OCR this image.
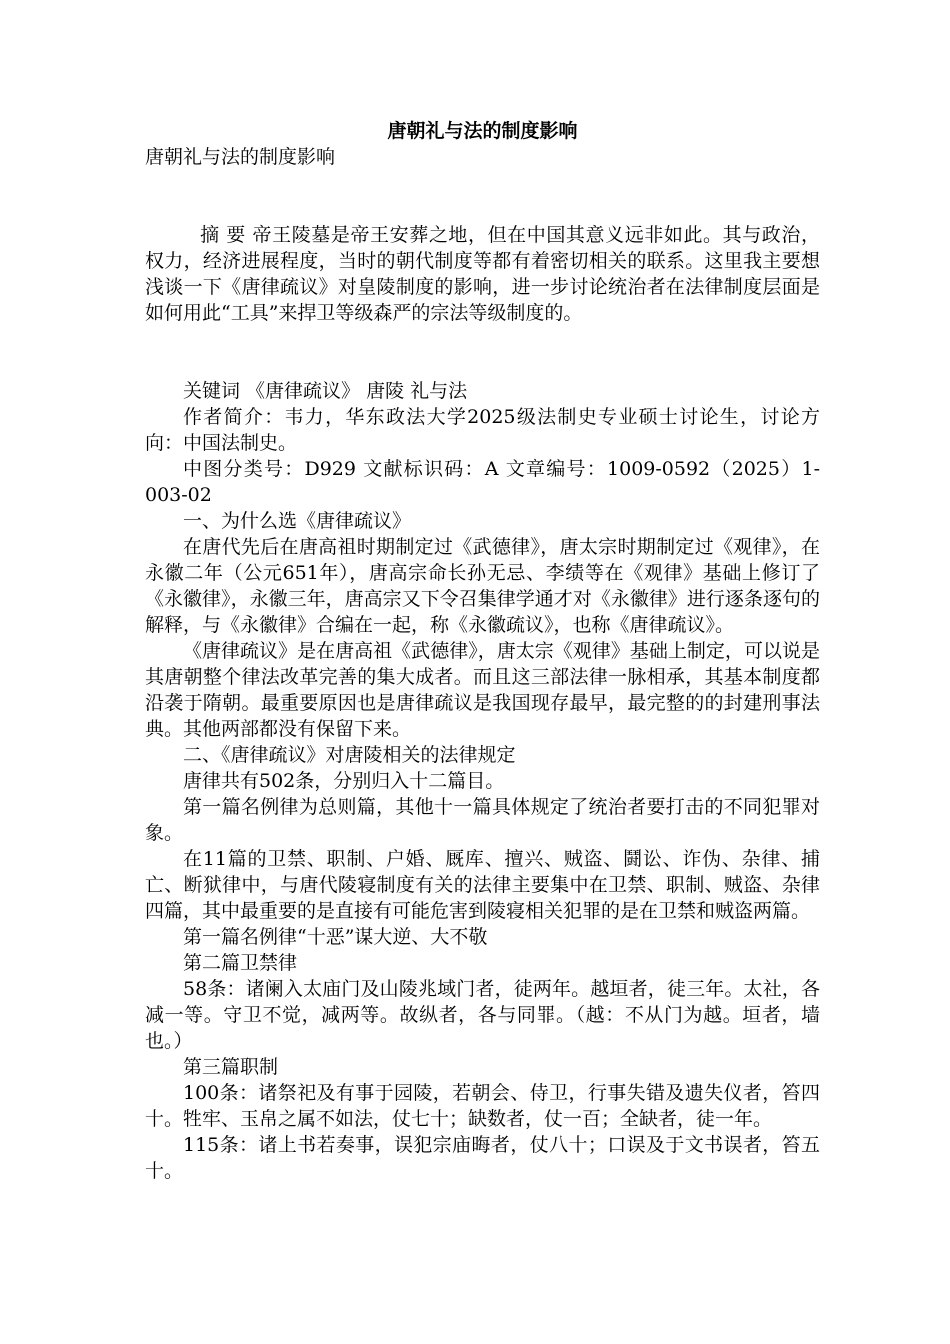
唐朝礼与法的制度影响

唐朝礼与法的制度影响

摘 要 帝王陵墓是帝王安葬之地，但在中国其意义远非如此。其与政治，权力，经济进展程度，当时的朝代制度等都有着密切相关的联系。这里我主要想浅谈一下《唐律疏议》对皇陵制度的影响，进一步讨论统治者在法律制度层面是如何用此“工具”来捍卫等级森严的宗法等级制度的。

关键词 《唐律疏议》 唐陵 礼与法

作者简介：韦力，华东政法大学2025级法制史专业硕士讨论生，讨论方向：中国法制史。

中图分类号：D929 文献标识码：A 文章编号：1009-0592（2025）1-003-02

一、为什么选《唐律疏议》

在唐代先后在唐高祖时期制定过《武德律》，唐太宗时期制定过《观律》，在永徽二年（公元651年），唐高宗命长孙无忌、李绩等在《观律》基础上修订了《永徽律》，永徽三年，唐高宗又下令召集律学通才对《永徽律》进行逐条逐句的解释，与《永徽律》合编在一起，称《永徽疏议》，也称《唐律疏议》。

《唐律疏议》是在唐高祖《武德律》，唐太宗《观律》基础上制定，可以说是其唐朝整个律法改革完善的集大成者。而且这三部法律一脉相承，其基本制度都沿袭于隋朝。最重要原因也是唐律疏议是我国现存最早，最完整的的封建刑事法典。其他两部都没有保留下来。

二、《唐律疏议》对唐陵相关的法律规定

唐律共有502条，分别归入十二篇目。

第一篇名例律为总则篇，其他十一篇具体规定了统治者要打击的不同犯罪对象。

在11篇的卫禁、职制、户婚、厩库、擅兴、贼盗、鬪讼、诈伪、杂律、捕亡、断狱律中，与唐代陵寝制度有关的法律主要集中在卫禁、职制、贼盗、杂律四篇，其中最重要的是直接有可能危害到陵寝相关犯罪的是在卫禁和贼盗两篇。

第一篇名例律“十恶”谋大逆、大不敬

第二篇卫禁律

58条：诸阑入太庙门及山陵兆域门者，徒两年。越垣者，徒三年。太社，各减一等。守卫不觉，减两等。故纵者，各与同罪。（越：不从门为越。垣者，墙也。）

第三篇职制

100条：诸祭祀及有事于园陵，若朝会、侍卫，行事失错及遗失仪者，笞四十。牲牢、玉帛之属不如法，仗七十；缺数者，仗一百；全缺者，徒一年。

115条：诸上书若奏事，误犯宗庙晦者，仗八十；口误及于文书误者，笞五十。
